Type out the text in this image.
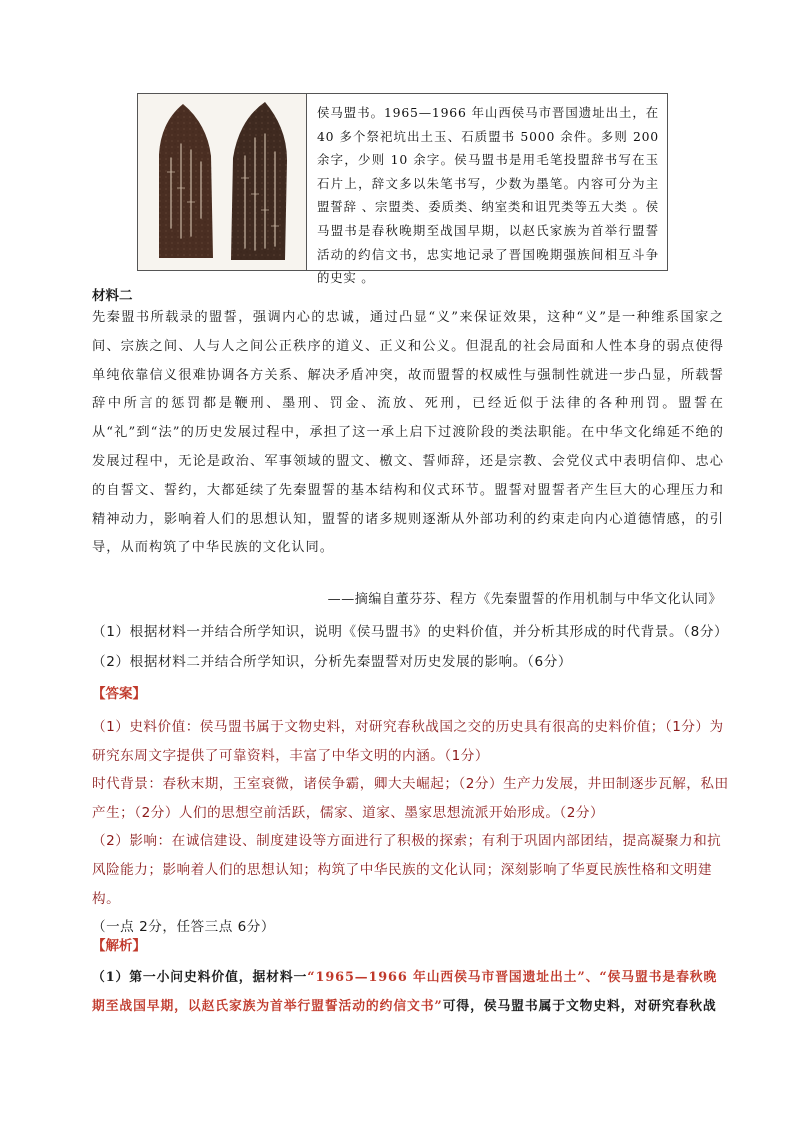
侯马盟书。1965—1966 年山西侯马市晋国遗址出土，在 40 多个祭祀坑出土玉、石质盟书 5000 余件。多则 200 余字，少则 10 余字。侯马盟书是用毛笔投盟辞书写在玉石片上，辞文多以朱笔书写，少数为墨笔。内容可分为主盟誓辞 、宗盟类、委质类、纳室类和诅咒类等五大类 。侯马盟书是春秋晚期至战国早期，以赵氏家族为首举行盟誓活动的约信文书，忠实地记录了晋国晚期强族间相互斗争的史实 。
材料二

先秦盟书所载录的盟誓，强调内心的忠诚，通过凸显“义”来保证效果，这种“义”是一种维系国家之间、宗族之间、人与人之间公正秩序的道义、正义和公义。但混乱的社会局面和人性本身的弱点使得单纯依靠信义很难协调各方关系、解决矛盾冲突，故而盟誓的权威性与强制性就进一步凸显，所载誓辞中所言的惩罚都是鞭刑、墨刑、罚金、流放、死刑，已经近似于法律的各种刑罚。盟誓在从“礼”到“法”的历史发展过程中，承担了这一承上启下过渡阶段的类法职能。在中华文化绵延不绝的发展过程中，无论是政治、军事领域的盟文、檄文、誓师辞，还是宗教、会党仪式中表明信仰、忠心的自誓文、誓约，大都延续了先秦盟誓的基本结构和仪式环节。盟誓对盟誓者产生巨大的心理压力和精神动力，影响着人们的思想认知，盟誓的诸多规则逐渐从外部功利的约束走向内心道德情感，的引导，从而构筑了中华民族的文化认同。

——摘编自董芬芬、程方《先秦盟誓的作用机制与中华文化认同》
（1）根据材料一并结合所学知识，说明《侯马盟书》的史料价值，并分析其形成的时代背景。（8分）
（2）根据材料二并结合所学知识，分析先秦盟誓对历史发展的影响。（6分）
【答案】

（1）史料价值：侯马盟书属于文物史料，对研究春秋战国之交的历史具有很高的史料价值；（1分）为研究东周文字提供了可靠资料，丰富了中华文明的内涵。（1分）

时代背景：春秋末期，王室衰微，诸侯争霸，卿大夫崛起；（2分）生产力发展，井田制逐步瓦解，私田产生；（2分）人们的思想空前活跃，儒家、道家、墨家思想流派开始形成。（2分）

（2）影响：在诚信建设、制度建设等方面进行了积极的探索；有利于巩固内部团结，提高凝聚力和抗风险能力；影响着人们的思想认知；构筑了中华民族的文化认同；深刻影响了华夏民族性格和文明建构。

（一点 2分，任答三点 6分）

【解析】

（1）第一小问史料价值，据材料一“1965—1966 年山西侯马市晋国遗址出土”、“侯马盟书是春秋晚期至战国早期，以赵氏家族为首举行盟誓活动的约信文书”可得，侯马盟书属于文物史料，对研究春秋战
